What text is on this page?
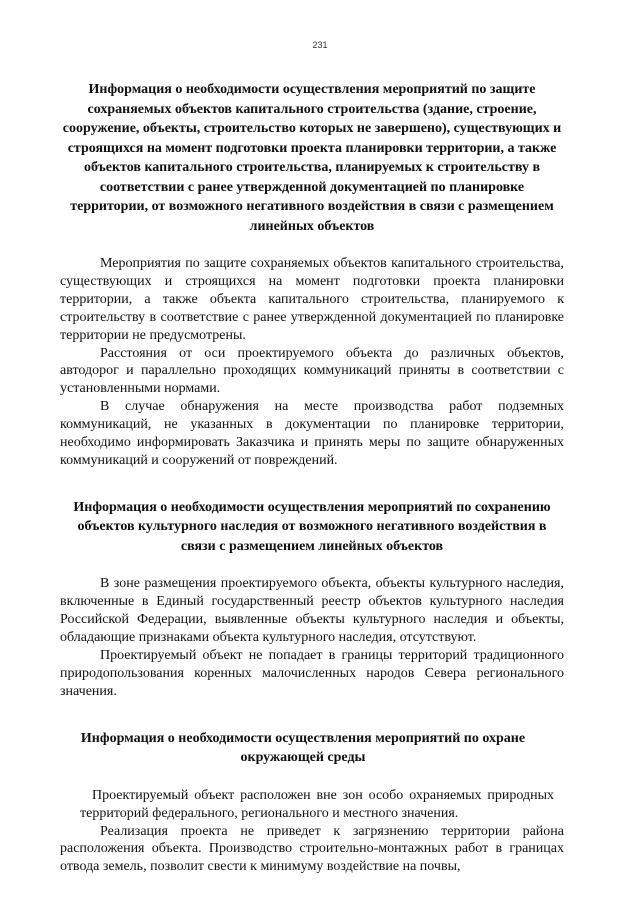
231
Информация о необходимости осуществления мероприятий по защите сохраняемых объектов капитального строительства (здание, строение, сооружение, объекты, строительство которых не завершено), существующих и строящихся на момент подготовки проекта планировки территории, а также объектов капитального строительства, планируемых к строительству в соответствии с ранее утвержденной документацией по планировке территории, от возможного негативного воздействия в связи с размещением линейных объектов

Мероприятия по защите сохраняемых объектов капитального строительства, существующих и строящихся на момент подготовки проекта планировки территории, а также объекта капитального строительства, планируемого к строительству в соответствие с ранее утвержденной документацией по планировке территории не предусмотрены.

Расстояния от оси проектируемого объекта до различных объектов, автодорог и параллельно проходящих коммуникаций приняты в соответствии с установленными нормами.

В случае обнаружения на месте производства работ подземных коммуникаций, не указанных в документации по планировке территории, необходимо информировать Заказчика и принять меры по защите обнаруженных коммуникаций и сооружений от повреждений.

Информация о необходимости осуществления мероприятий по сохранению объектов культурного наследия от возможного негативного воздействия в связи с размещением линейных объектов

В зоне размещения проектируемого объекта, объекты культурного наследия, включенные в Единый государственный реестр объектов культурного наследия Российской Федерации, выявленные объекты культурного наследия и объекты, обладающие признаками объекта культурного наследия, отсутствуют.

Проектируемый объект не попадает в границы территорий традиционного природопользования коренных малочисленных народов Севера регионального значения.

Информация о необходимости осуществления мероприятий по охране окружающей среды

Проектируемый объект расположен вне зон особо охраняемых природных территорий федерального, регионального и местного значения.

Реализация проекта не приведет к загрязнению территории района расположения объекта. Производство строительно-монтажных работ в границах отвода земель, позволит свести к минимуму воздействие на почвы,
